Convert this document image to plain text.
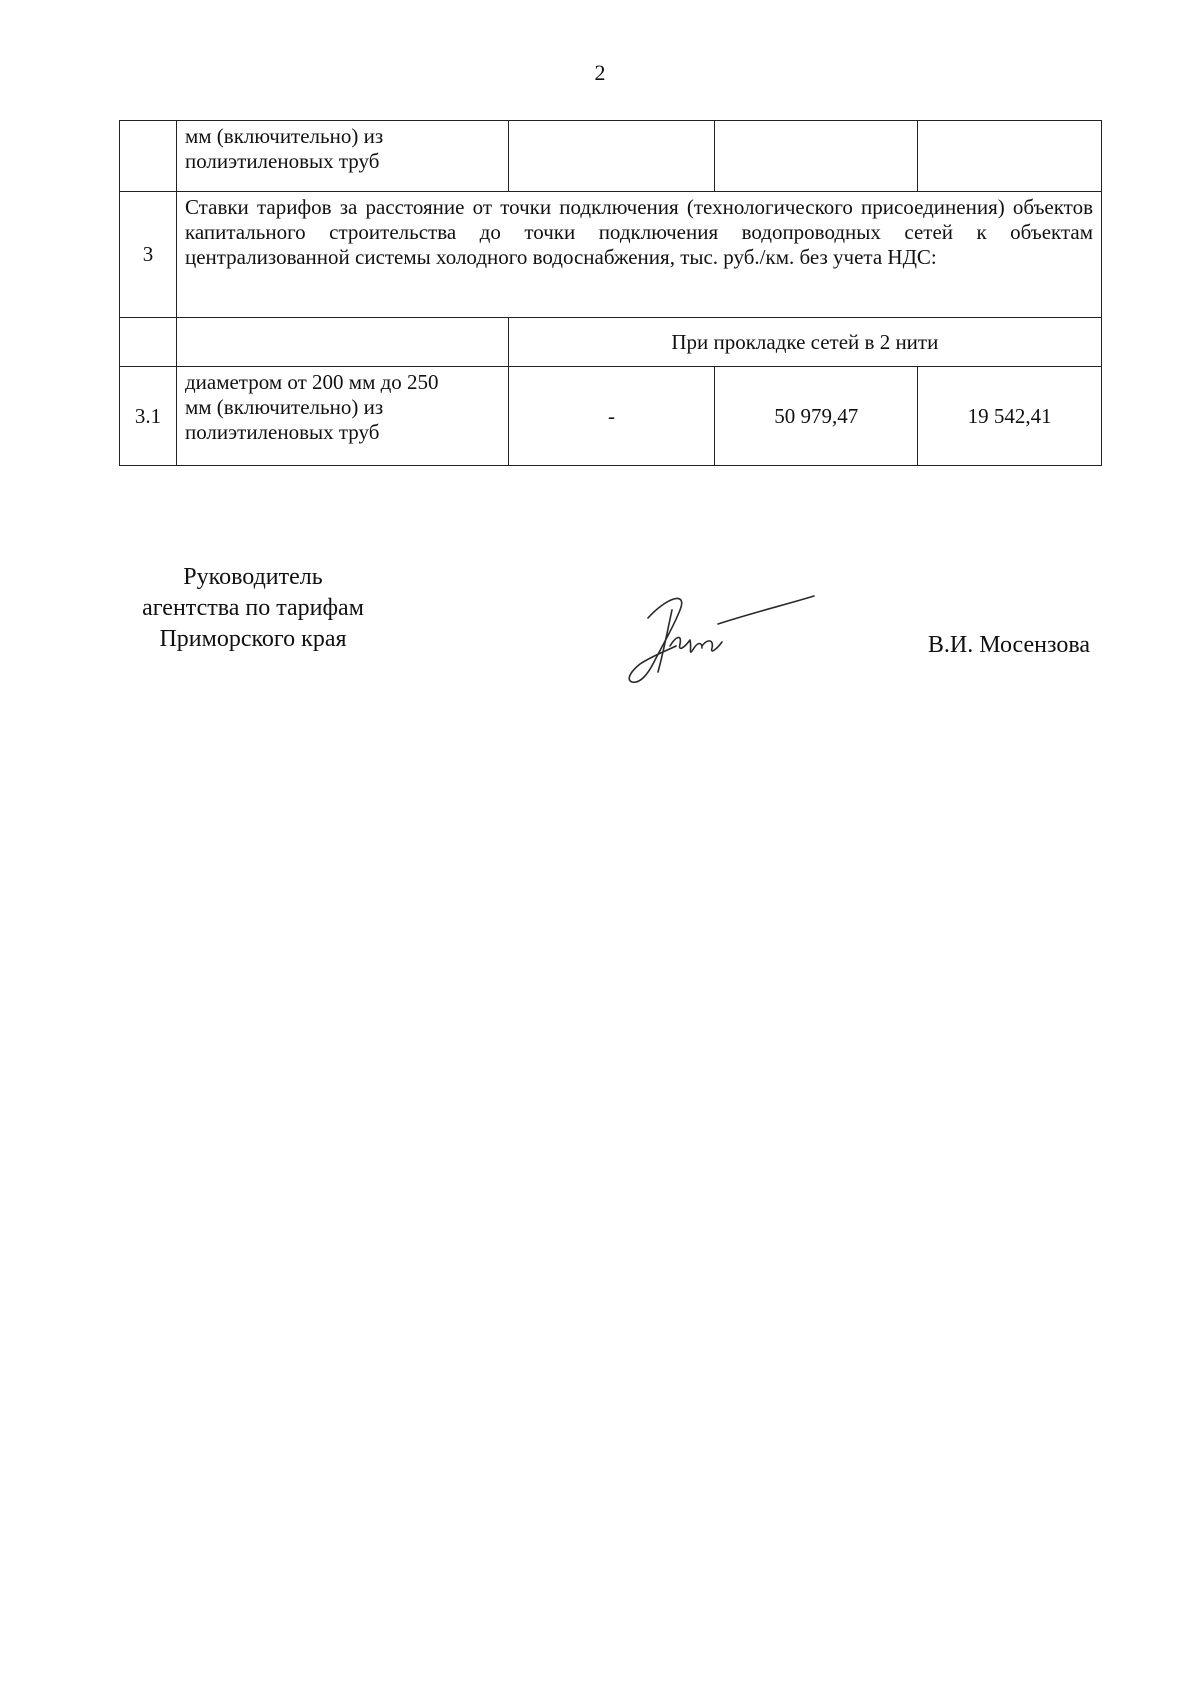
2

	мм (включительно) из
полиэтиленовых труб			

3	Ставки тарифов за расстояние от точки подключения (технологического присоединения) объектов капитального строительства до точки подключения водопроводных сетей к объектам централизованной системы холодного водоснабжения, тыс. руб./км. без учета НДС:			
		При прокладке сетей в 2 нити		
3.1	диаметром от 200 мм до 250
мм (включительно) из
полиэтиленовых труб	-	50 979,47	19 542,41
Руководитель
агентства по тарифам
Приморского края	В.И. Мосензова
